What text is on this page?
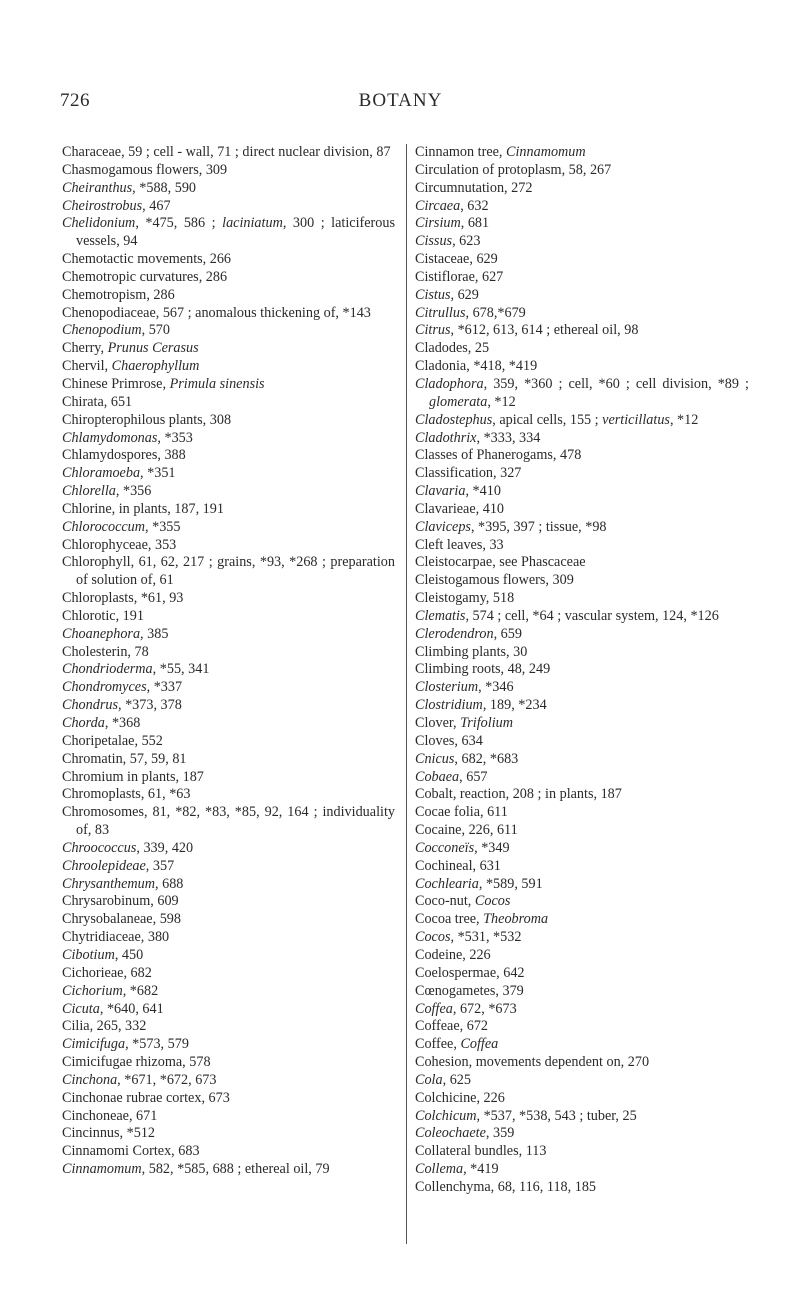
726	BOTANY
Characeae, 59 ; cell - wall, 71 ; direct nuclear division, 87
Chasmogamous flowers, 309
Cheiranthus, *588, 590
Cheirostrobus, 467
Chelidonium, *475, 586 ; laciniatum, 300 ; laticiferous vessels, 94
Chemotactic movements, 266
Chemotropic curvatures, 286
Chemotropism, 286
Chenopodiaceae, 567 ; anomalous thickening of, *143
Chenopodium, 570
Cherry, Prunus Cerasus
Chervil, Chaerophyllum
Chinese Primrose, Primula sinensis
Chirata, 651
Chiropterophilous plants, 308
Chlamydomonas, *353
Chlamydospores, 388
Chloramoeba, *351
Chlorella, *356
Chlorine, in plants, 187, 191
Chlorococcum, *355
Chlorophyceae, 353
Chlorophyll, 61, 62, 217 ; grains, *93, *268 ; preparation of solution of, 61
Chloroplasts, *61, 93
Chlorotic, 191
Choanephora, 385
Cholesterin, 78
Chondrioderma, *55, 341
Chondromyces, *337
Chondrus, *373, 378
Chorda, *368
Choripetalae, 552
Chromatin, 57, 59, 81
Chromium in plants, 187
Chromoplasts, 61, *63
Chromosomes, 81, *82, *83, *85, 92, 164 ; individuality of, 83
Chroococcus, 339, 420
Chroolepideae, 357
Chrysanthemum, 688
Chrysarobinum, 609
Chrysobalaneae, 598
Chytridiaceae, 380
Cibotium, 450
Cichorieae, 682
Cichorium, *682
Cicuta, *640, 641
Cilia, 265, 332
Cimicifuga, *573, 579
Cimicifugae rhizoma, 578
Cinchona, *671, *672, 673
Cinchonae rubrae cortex, 673
Cinchoneae, 671
Cincinnus, *512
Cinnamomi Cortex, 683
Cinnamomum, 582, *585, 688 ; ethereal oil, 79
Cinnamon tree, Cinnamomum
Circulation of protoplasm, 58, 267
Circumnutation, 272
Circaea, 632
Cirsium, 681
Cissus, 623
Cistaceae, 629
Cistiflorae, 627
Cistus, 629
Citrullus, 678,*679
Citrus, *612, 613, 614 ; ethereal oil, 98
Cladodes, 25
Cladonia, *418, *419
Cladophora, 359, *360 ; cell, *60 ; cell division, *89 ; glomerata, *12
Cladostephus, apical cells, 155 ; verticillatus, *12
Cladothrix, *333, 334
Classes of Phanerogams, 478
Classification, 327
Clavaria, *410
Clavarieae, 410
Claviceps, *395, 397 ; tissue, *98
Cleft leaves, 33
Cleistocarpae, see Phascaceae
Cleistogamous flowers, 309
Cleistogamy, 518
Clematis, 574 ; cell, *64 ; vascular system, 124, *126
Clerodendron, 659
Climbing plants, 30
Climbing roots, 48, 249
Closterium, *346
Clostridium, 189, *234
Clover, Trifolium
Cloves, 634
Cnicus, 682, *683
Cobaea, 657
Cobalt, reaction, 208 ; in plants, 187
Cocae folia, 611
Cocaine, 226, 611
Cocconeïs, *349
Cochineal, 631
Cochlearia, *589, 591
Coco-nut, Cocos
Cocoa tree, Theobroma
Cocos, *531, *532
Codeine, 226
Coelospermae, 642
Cœnogametes, 379
Coffea, 672, *673
Coffeae, 672
Coffee, Coffea
Cohesion, movements dependent on, 270
Cola, 625
Colchicine, 226
Colchicum, *537, *538, 543 ; tuber, 25
Coleochaete, 359
Collateral bundles, 113
Collema, *419
Collenchyma, 68, 116, 118, 185
